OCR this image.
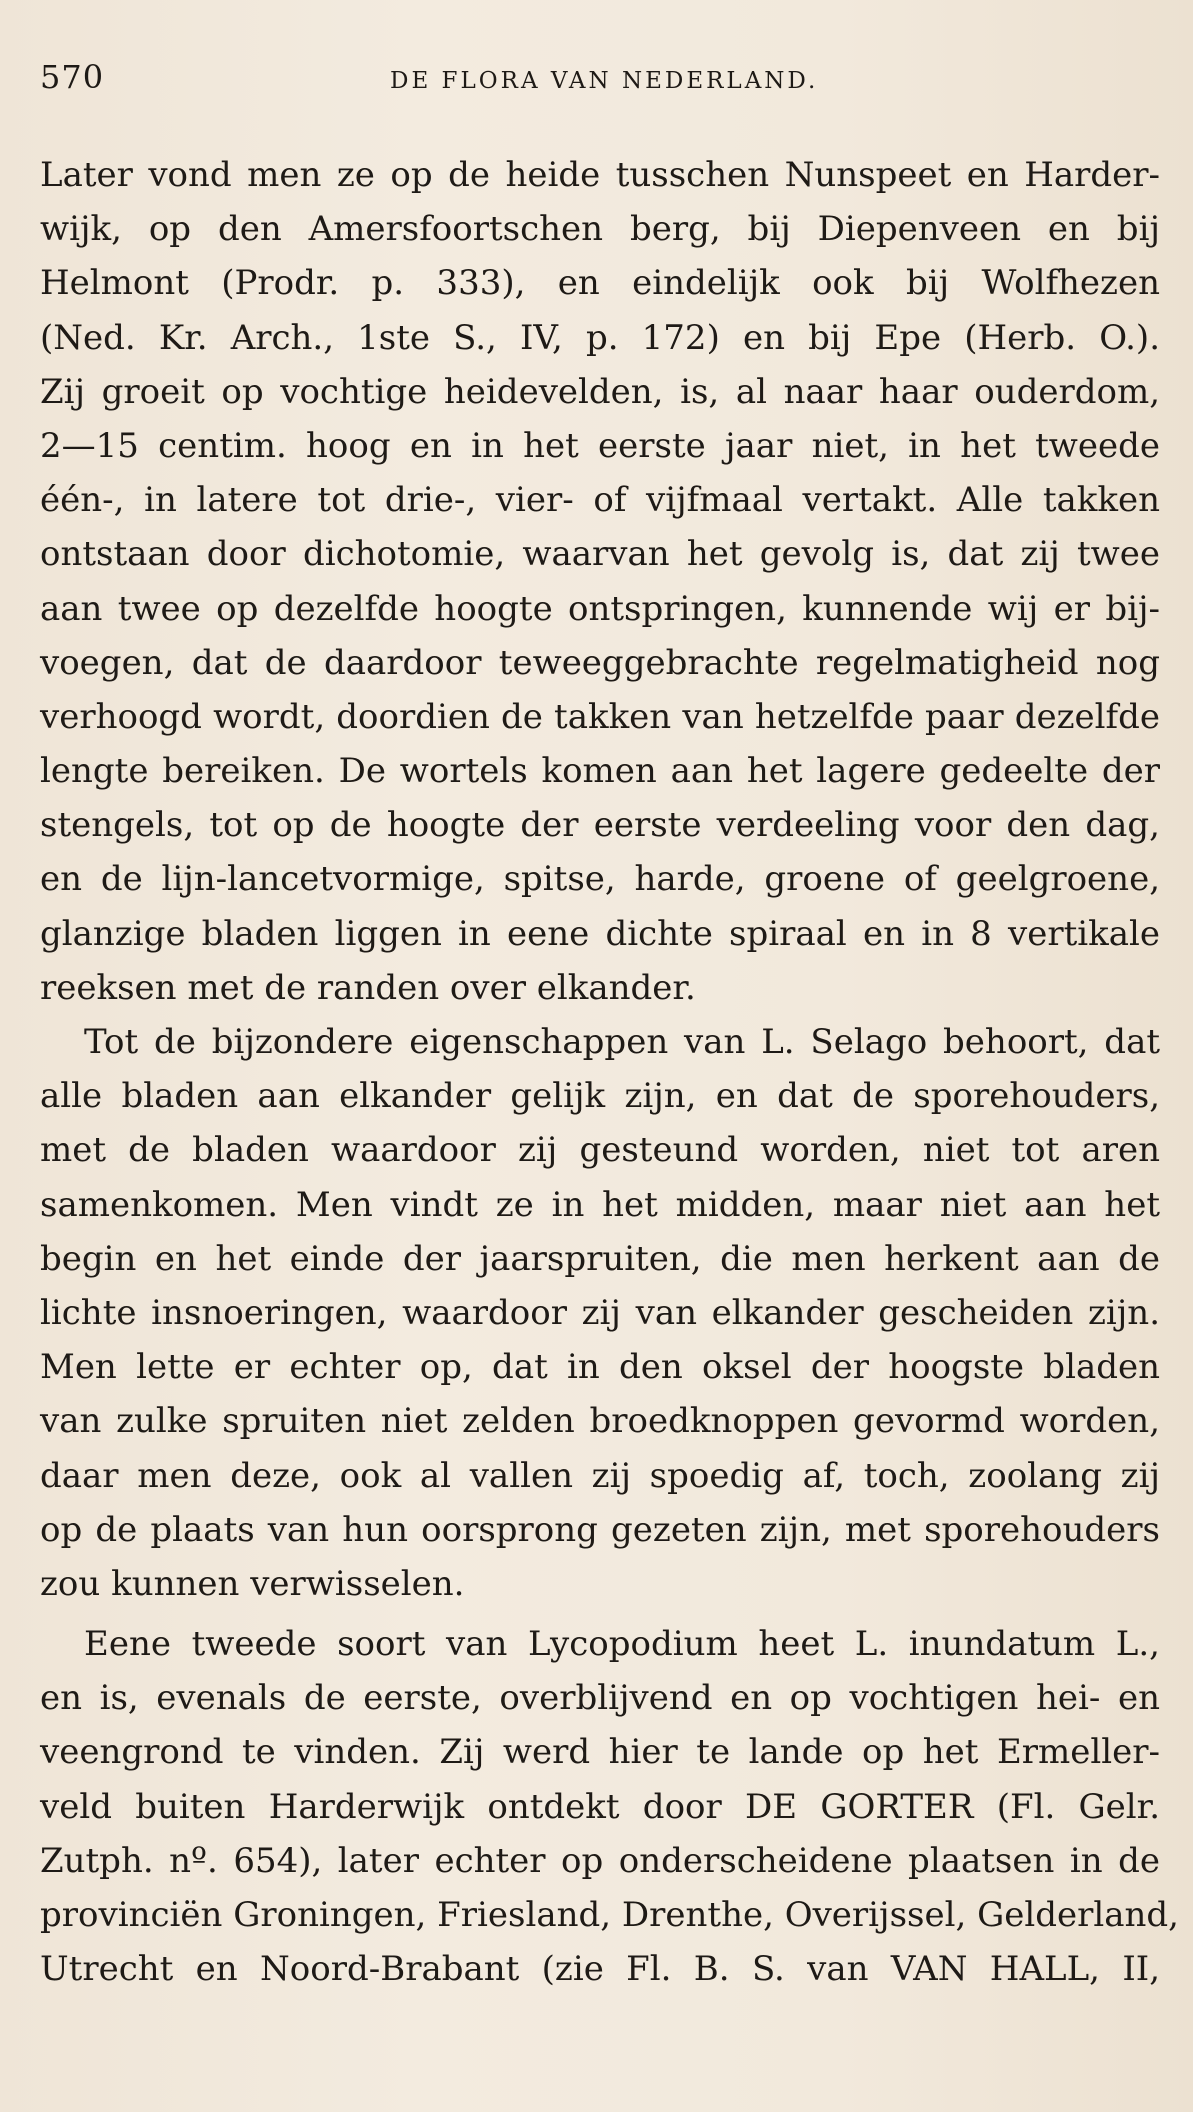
570	DE FLORA VAN NEDERLAND.
Later vond men ze op de heide tusschen Nunspeet en Harder-
wijk, op den Amersfoortschen berg, bij Diepenveen en bij
Helmont (Prodr. p. 333), en eindelijk ook bij Wolfhezen
(Ned. Kr. Arch., 1ste S., IV, p. 172) en bij Epe (Herb. O.).
Zij groeit op vochtige heidevelden, is, al naar haar ouderdom,
2—15 centim. hoog en in het eerste jaar niet, in het tweede
één-, in latere tot drie-, vier- of vijfmaal vertakt. Alle takken
ontstaan door dichotomie, waarvan het gevolg is, dat zij twee
aan twee op dezelfde hoogte ontspringen, kunnende wij er bij-
voegen, dat de daardoor teweeggebrachte regelmatigheid nog
verhoogd wordt, doordien de takken van hetzelfde paar dezelfde
lengte bereiken. De wortels komen aan het lagere gedeelte der
stengels, tot op de hoogte der eerste verdeeling voor den dag,
en de lijn-lancetvormige, spitse, harde, groene of geelgroene,
glanzige bladen liggen in eene dichte spiraal en in 8 vertikale
reeksen met de randen over elkander.
Tot de bijzondere eigenschappen van L. Selago behoort, dat
alle bladen aan elkander gelijk zijn, en dat de sporehouders,
met de bladen waardoor zij gesteund worden, niet tot aren
samenkomen. Men vindt ze in het midden, maar niet aan het
begin en het einde der jaarspruiten, die men herkent aan de
lichte insnoeringen, waardoor zij van elkander gescheiden zijn.
Men lette er echter op, dat in den oksel der hoogste bladen
van zulke spruiten niet zelden broedknoppen gevormd worden,
daar men deze, ook al vallen zij spoedig af, toch, zoolang zij
op de plaats van hun oorsprong gezeten zijn, met sporehouders
zou kunnen verwisselen.
Eene tweede soort van Lycopodium heet L. inundatum L.,
en is, evenals de eerste, overblijvend en op vochtigen hei- en
veengrond te vinden. Zij werd hier te lande op het Ermeller-
veld buiten Harderwijk ontdekt door DE GORTER (Fl. Gelr.
Zutph. nº. 654), later echter op onderscheidene plaatsen in de
provinciën Groningen, Friesland, Drenthe, Overijssel, Gelderland,
Utrecht en Noord-Brabant (zie Fl. B. S. van VAN HALL, II,
